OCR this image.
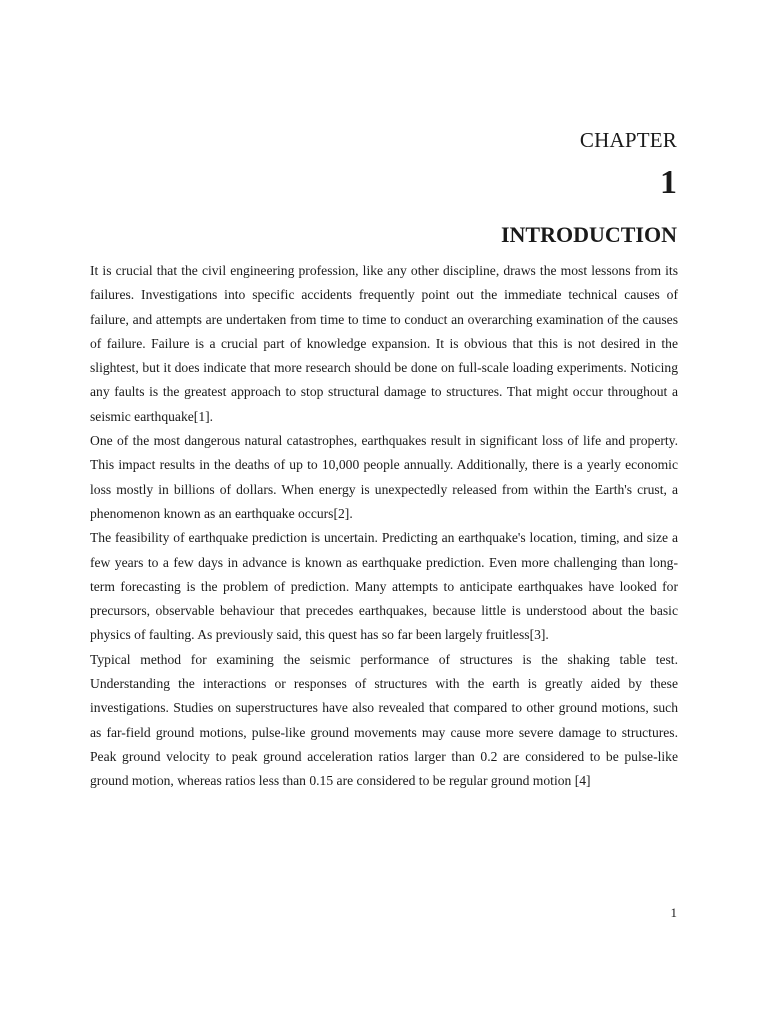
CHAPTER
1
INTRODUCTION

It is crucial that the civil engineering profession, like any other discipline, draws the most lessons from its failures. Investigations into specific accidents frequently point out the immediate technical causes of failure, and attempts are undertaken from time to time to conduct an overarching examination of the causes of failure. Failure is a crucial part of knowledge expansion. It is obvious that this is not desired in the slightest, but it does indicate that more research should be done on full-scale loading experiments. Noticing any faults is the greatest approach to stop structural damage to structures. That might occur throughout a seismic earthquake[1].

One of the most dangerous natural catastrophes, earthquakes result in significant loss of life and property. This impact results in the deaths of up to 10,000 people annually. Additionally, there is a yearly economic loss mostly in billions of dollars. When energy is unexpectedly released from within the Earth's crust, a phenomenon known as an earthquake occurs[2].

The feasibility of earthquake prediction is uncertain. Predicting an earthquake's location, timing, and size a few years to a few days in advance is known as earthquake prediction. Even more challenging than long-term forecasting is the problem of prediction. Many attempts to anticipate earthquakes have looked for precursors, observable behaviour that precedes earthquakes, because little is understood about the basic physics of faulting. As previously said, this quest has so far been largely fruitless[3].

Typical method for examining the seismic performance of structures is the shaking table test. Understanding the interactions or responses of structures with the earth is greatly aided by these investigations. Studies on superstructures have also revealed that compared to other ground motions, such as far-field ground motions, pulse-like ground movements may cause more severe damage to structures. Peak ground velocity to peak ground acceleration ratios larger than 0.2 are considered to be pulse-like ground motion, whereas ratios less than 0.15 are considered to be regular ground motion [4]

1
